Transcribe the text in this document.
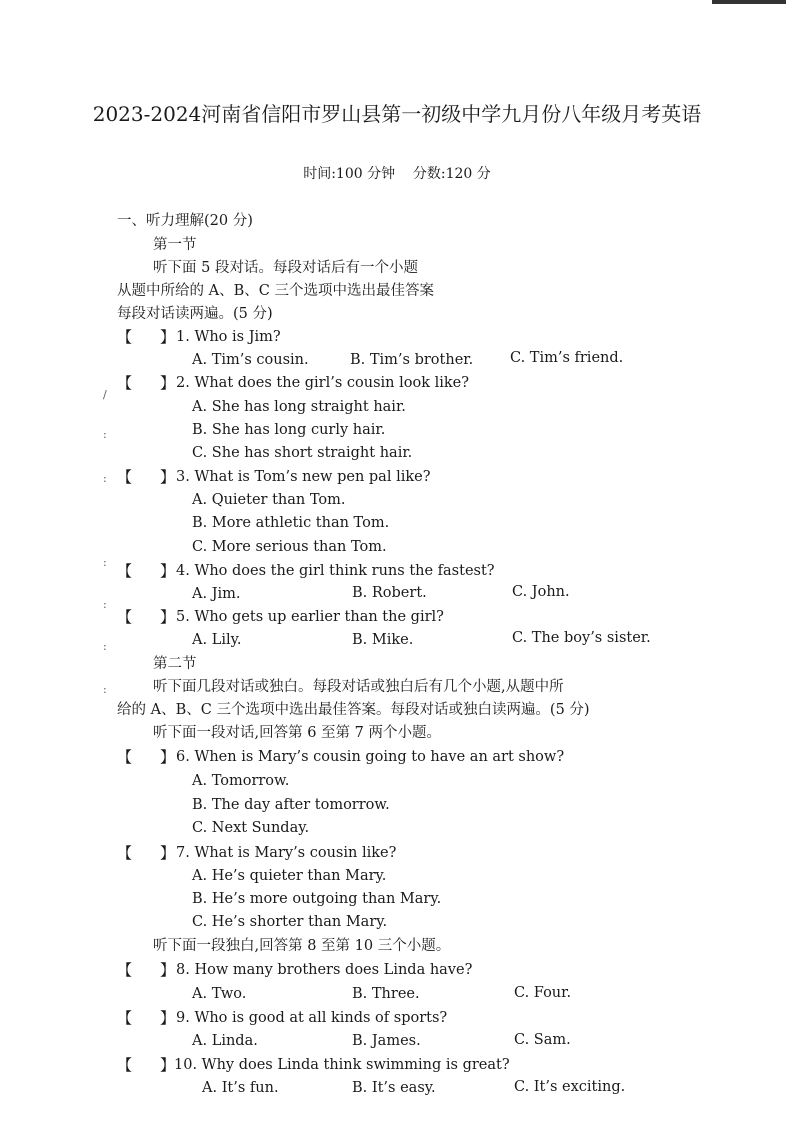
/
:
:
:
:
:
:
2023-2024河南省信阳市罗山县第一初级中学九月份八年级月考英语
时间:100 分钟    分数:120 分
一、听力理解(20 分)
第一节
听下面 5 段对话。每段对话后有一个小题
从题中所给的 A、B、C 三个选项中选出最佳答案
每段对话读两遍。(5 分)
【 】 1. Who is Jim?
A. Tim’s cousin.	B. Tim’s brother.	C. Tim’s friend.
【 】 2. What does the girl’s cousin look like?
A. She has long straight hair.
B. She has long curly hair.
C. She has short straight hair.
【 】 3. What is Tom’s new pen pal like?
A. Quieter than Tom.
B. More athletic than Tom.
C. More serious than Tom.
【 】 4. Who does the girl think runs the fastest?
A. Jim.	B. Robert.	C. John.
【 】 5. Who gets up earlier than the girl?
A. Lily.	B. Mike.	C. The boy’s sister.
第二节
听下面几段对话或独白。每段对话或独白后有几个小题,从题中所
给的 A、B、C 三个选项中选出最佳答案。每段对话或独白读两遍。(5 分)
听下面一段对话,回答第 6 至第 7 两个小题。
【 】 6. When is Mary’s cousin going to have an art show?
A. Tomorrow.
B. The day after tomorrow.
C. Next Sunday.
【 】 7. What is Mary’s cousin like?
A. He’s quieter than Mary.
B. He’s more outgoing than Mary.
C. He’s shorter than Mary.
听下面一段独白,回答第 8 至第 10 三个小题。
【 】 8. How many brothers does Linda have?
A. Two.	B. Three.	C. Four.
【 】 9. Who is good at all kinds of sports?
A. Linda.	B. James.	C. Sam.
【 】
10. Why does Linda think swimming is great?
A. It’s fun.	B. It’s easy.	C. It’s exciting.
